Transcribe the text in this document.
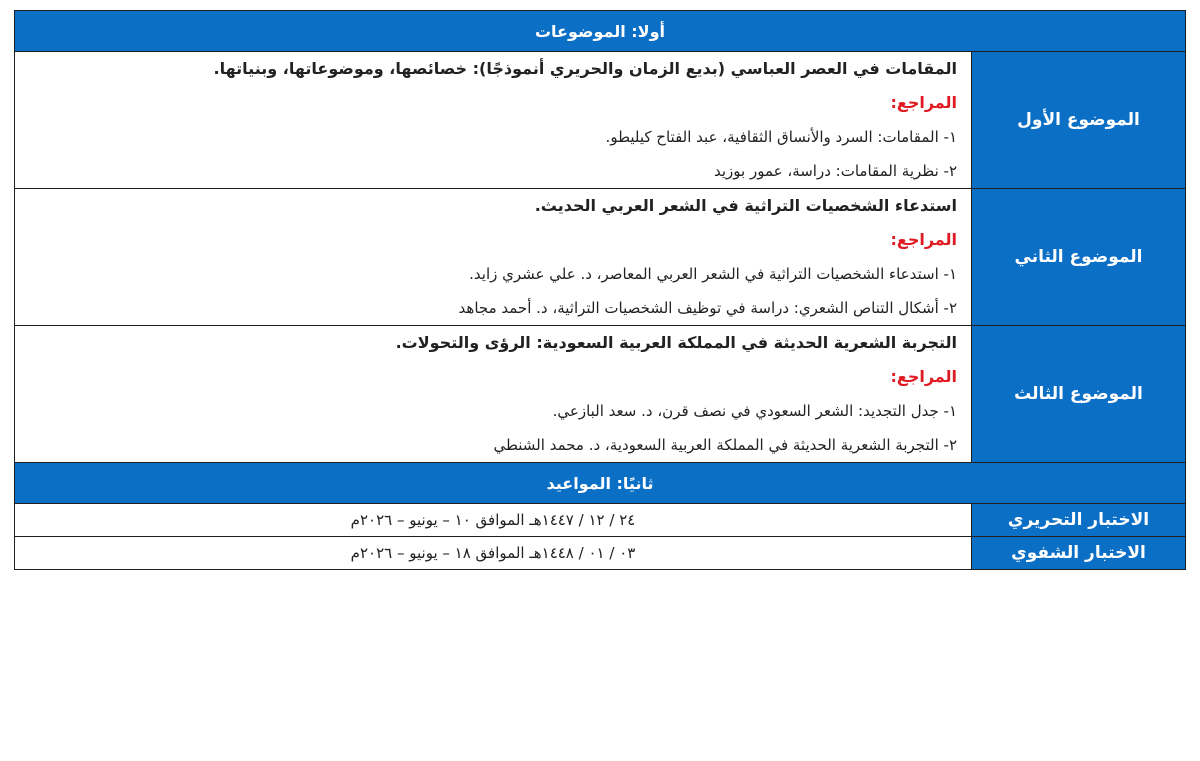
أولا: الموضوعات	
الموضوع الأول	المقامات في العصر العباسي (بديع الزمان والحريري أنموذجًا): خصائصها، وموضوعاتها، وبنياتها.
المراجع:
١- المقامات: السرد والأنساق الثقافية، عبد الفتاح كيليطو.
٢- نظرية المقامات: دراسة، عمور بوزيد

الموضوع الثاني	استدعاء الشخصيات التراثية في الشعر العربي الحديث.
المراجع:
١- استدعاء الشخصيات التراثية في الشعر العربي المعاصر، د. علي عشري زايد.
٢- أشكال التناص الشعري: دراسة في توظيف الشخصيات التراثية، د. أحمد مجاهد

الموضوع الثالث	التجربة الشعرية الحديثة في المملكة العربية السعودية: الرؤى والتحولات.
المراجع:
١- جدل التجديد: الشعر السعودي في نصف قرن، د. سعد البازعي.
٢- التجربة الشعرية الحديثة في المملكة العربية السعودية، د. محمد الشنطي

ثانيًا: المواعيد	
الاختبار التحريري	٢٤ / ١٢ / ١٤٤٧هـ الموافق ١٠ – يونيو – ٢٠٢٦م
الاختبار الشفوي	٠٣ / ٠١ / ١٤٤٨هـ الموافق ١٨ – يونيو – ٢٠٢٦م
